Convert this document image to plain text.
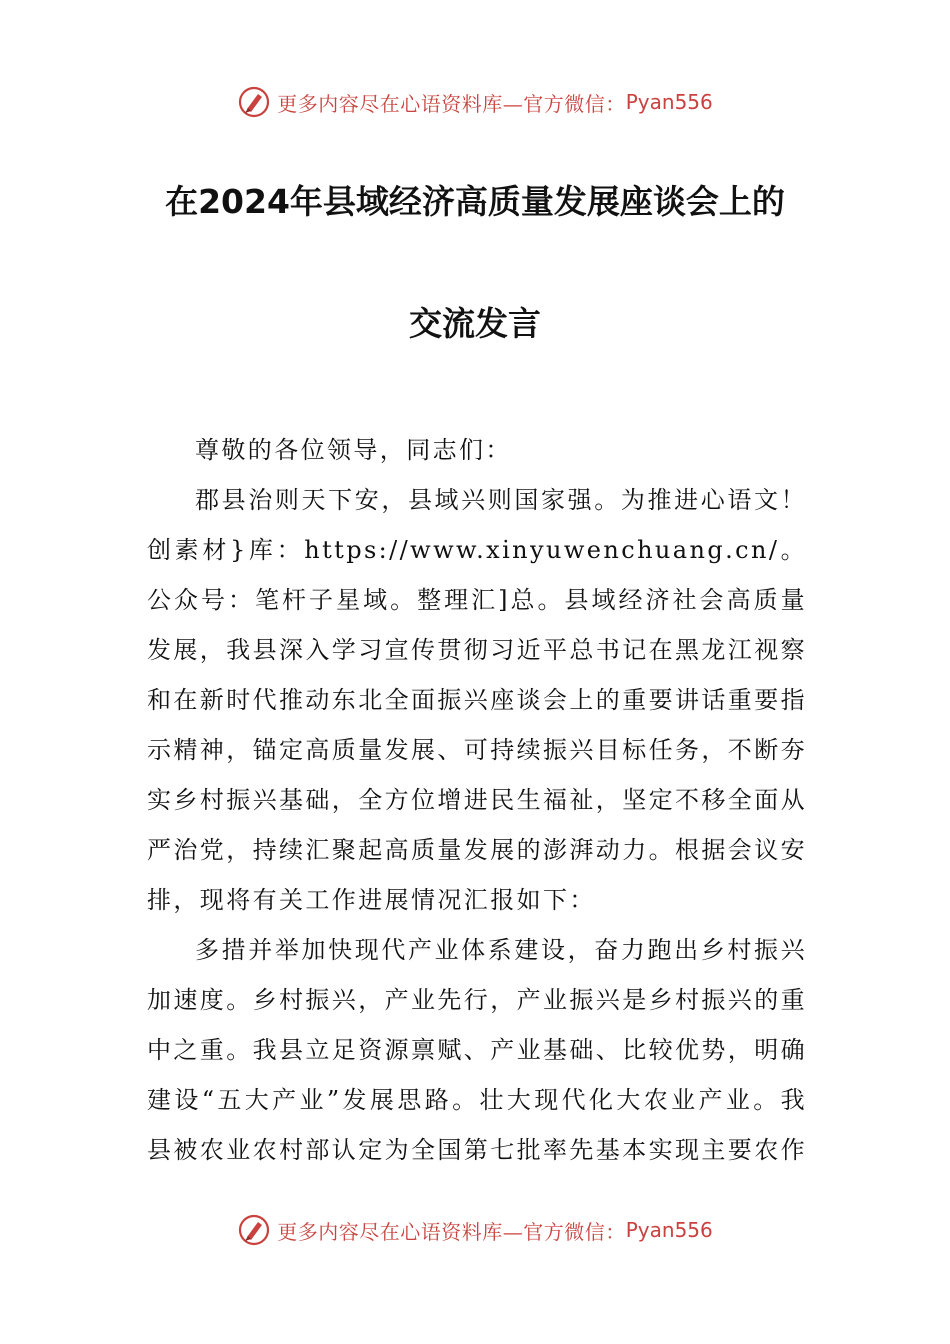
更多内容尽在心语资料库—官方微信： Pyan556
在2024年县域经济高质量发展座谈会上的
交流发言

尊敬的各位领导，同志们：

郡县治则天下安，县域兴则国家强。为推进心语文！创素材}库：https://www.xinyuwenchuang.cn/。公众号：笔杆子星域。整理汇]总。县域经济社会高质量发展，我县深入学习宣传贯彻习近平总书记在黑龙江视察和在新时代推动东北全面振兴座谈会上的重要讲话重要指示精神，锚定高质量发展、可持续振兴目标任务，不断夯实乡村振兴基础，全方位增进民生福祉，坚定不移全面从严治党，持续汇聚起高质量发展的澎湃动力。根据会议安排，现将有关工作进展情况汇报如下：

多措并举加快现代产业体系建设，奋力跑出乡村振兴加速度。乡村振兴，产业先行，产业振兴是乡村振兴的重中之重。我县立足资源禀赋、产业基础、比较优势，明确建设“五大产业”发展思路。壮大现代化大农业产业。我县被农业农村部认定为全国第七批率先基本实现主要农作

更多内容尽在心语资料库—官方微信： Pyan556
